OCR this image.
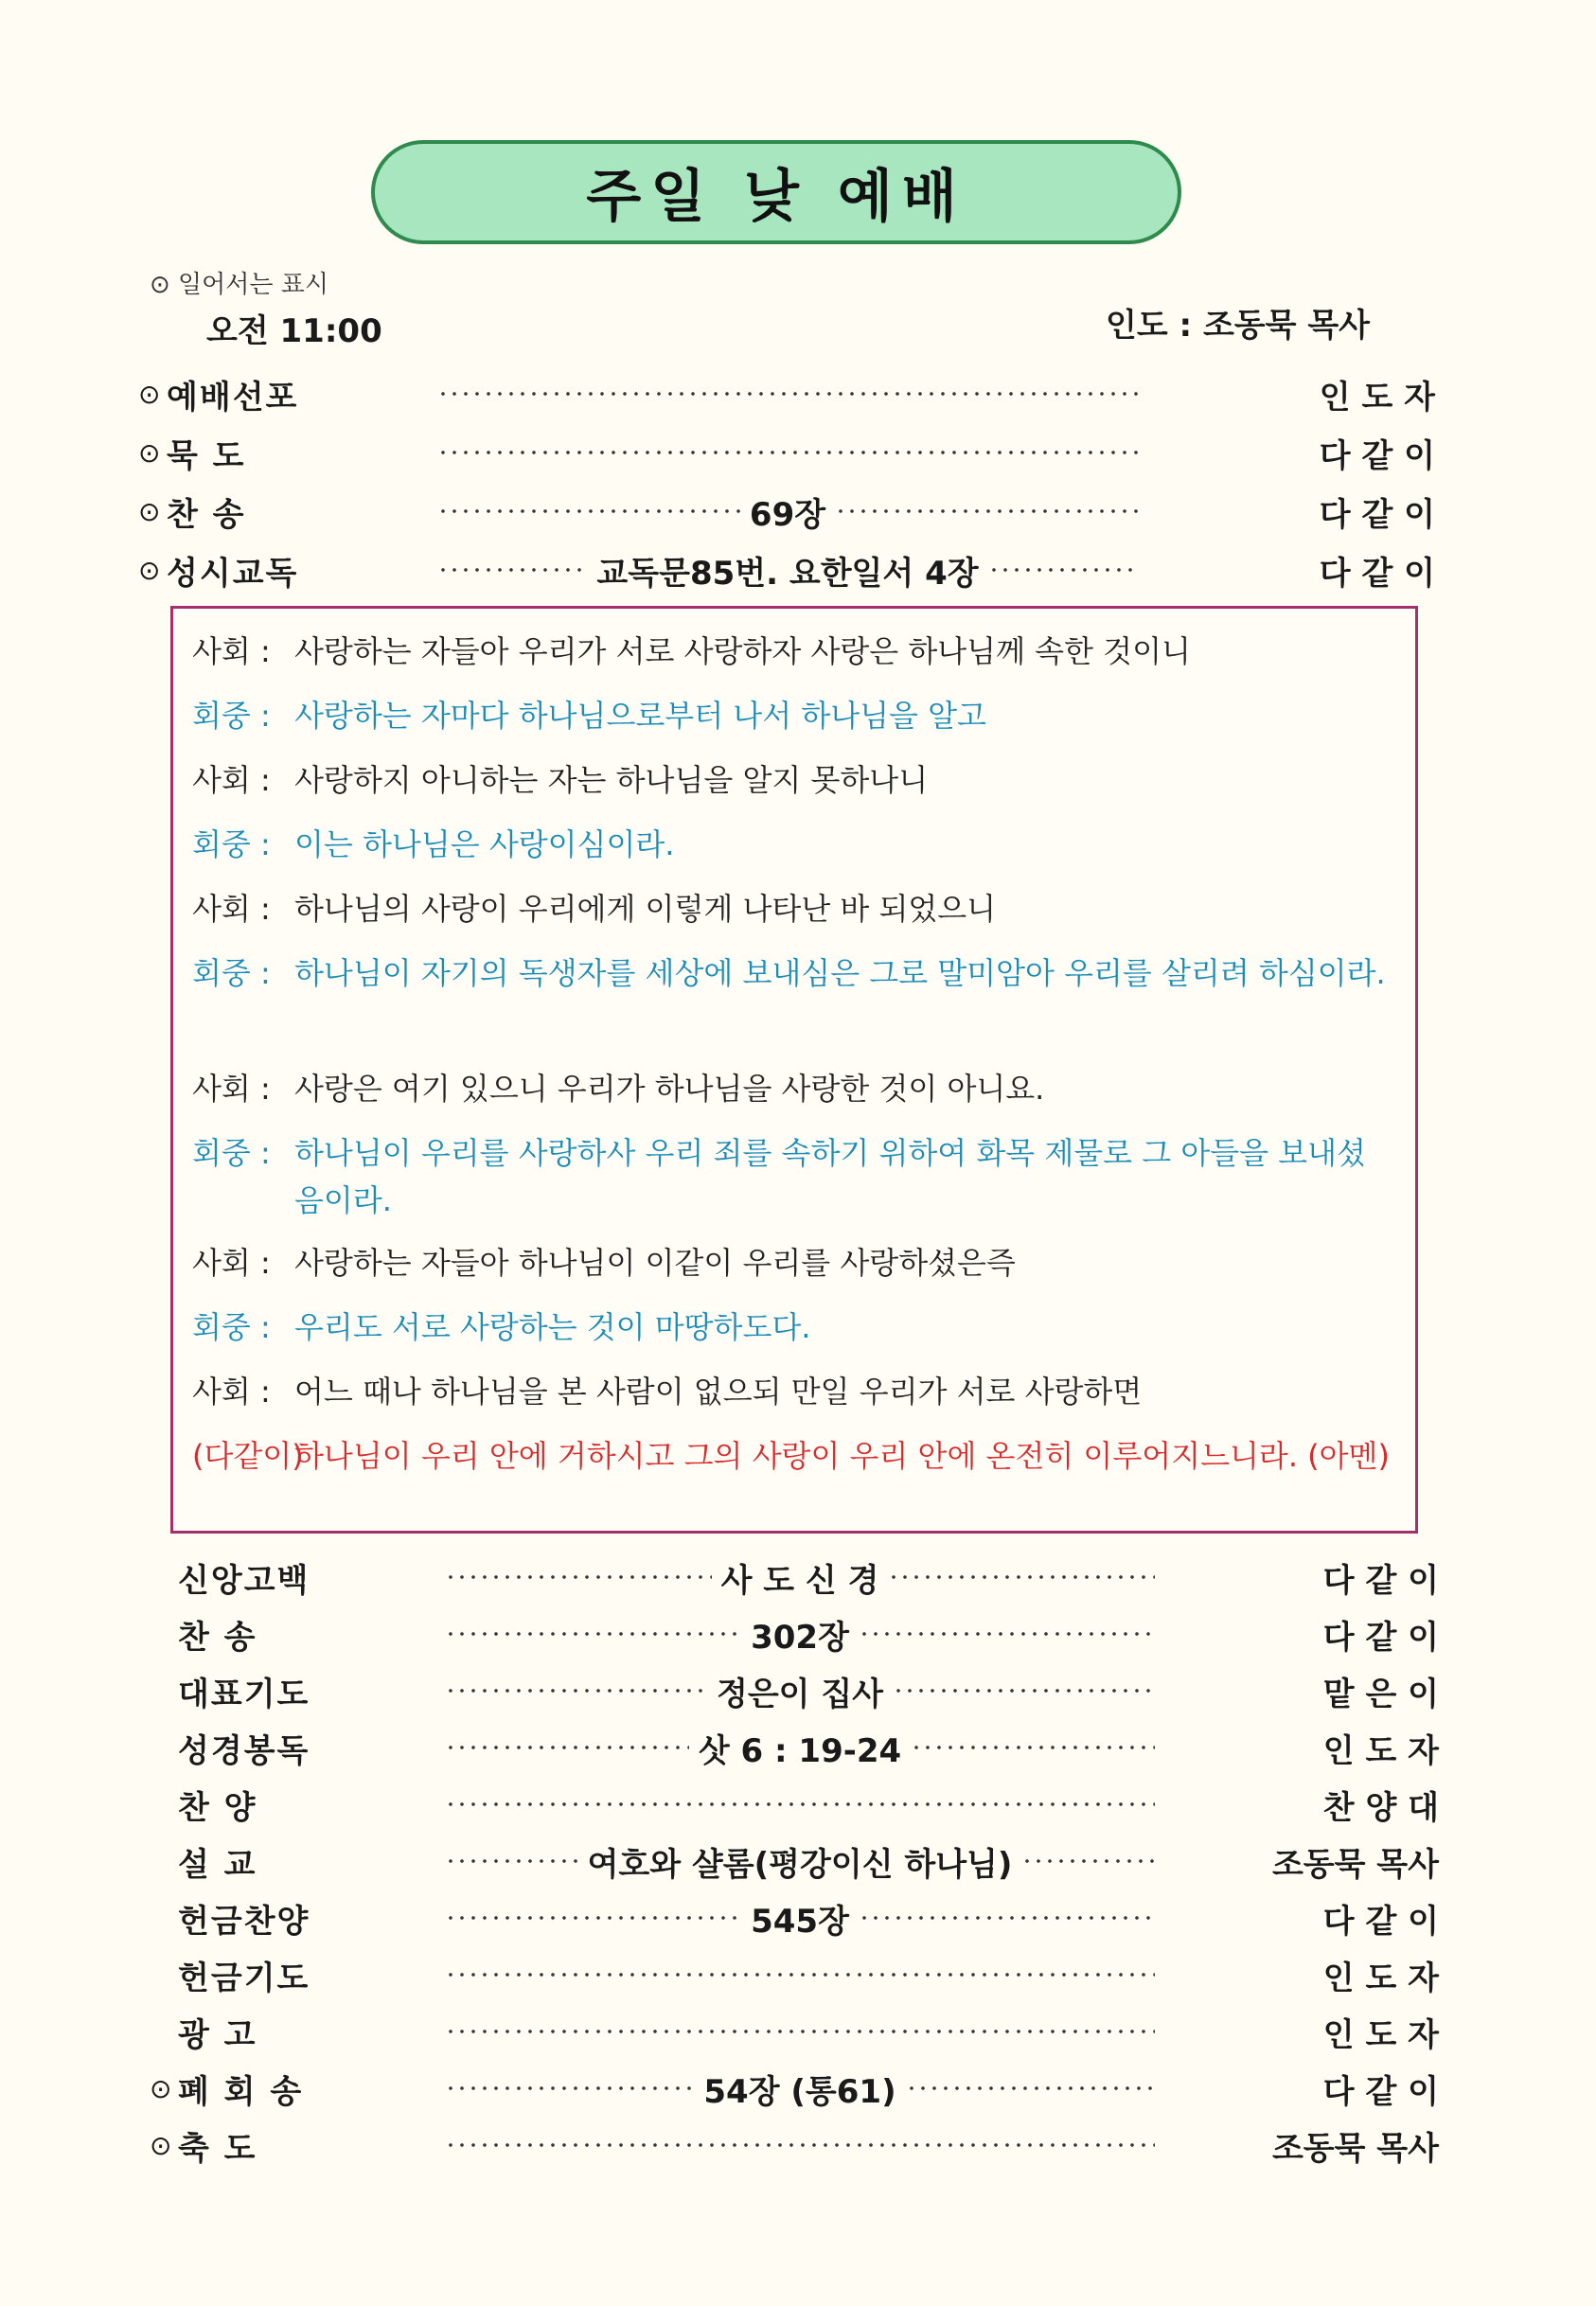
주일 낮 예배
⊙ 일어서는 표시
오전 11:00	인도 : 조동묵 목사
⊙ 예배선포	인 도 자
⊙ 묵 도	다 같 이
⊙ 찬 송	69장	다 같 이
⊙ 성시교독	교독문85번. 요한일서 4장	다 같 이
사회 : 사랑하는 자들아 우리가 서로 사랑하자 사랑은 하나님께 속한 것이니
회중 : 사랑하는 자마다 하나님으로부터 나서 하나님을 알고
사회 : 사랑하지 아니하는 자는 하나님을 알지 못하나니
회중 : 이는 하나님은 사랑이심이라.
사회 : 하나님의 사랑이 우리에게 이렇게 나타난 바 되었으니
회중 : 하나님이 자기의 독생자를 세상에 보내심은 그로 말미암아 우리를 살리려 하심이라.
사회 : 사랑은 여기 있으니 우리가 하나님을 사랑한 것이 아니요.
회중 : 하나님이 우리를 사랑하사 우리 죄를 속하기 위하여 화목 제물로 그 아들을 보내셨음이라.
사회 : 사랑하는 자들아 하나님이 이같이 우리를 사랑하셨은즉
회중 : 우리도 서로 사랑하는 것이 마땅하도다.
사회 : 어느 때나 하나님을 본 사람이 없으되 만일 우리가 서로 사랑하면
(다같이)
하나님이 우리 안에 거하시고 그의 사랑이 우리 안에 온전히 이루어지느니라. (아멘)
신앙고백	사 도 신 경	다 같 이
찬 송	302장	다 같 이
대표기도	정은이 집사	맡 은 이
성경봉독	삿 6 : 19-24	인 도 자
찬 양	찬 양 대
설 교	여호와 샬롬(평강이신 하나님)	조동묵 목사
헌금찬양	545장	다 같 이
헌금기도	인 도 자
광 고	인 도 자
⊙ 폐 회 송	54장 (통61)	다 같 이
⊙ 축 도	조동묵 목사
